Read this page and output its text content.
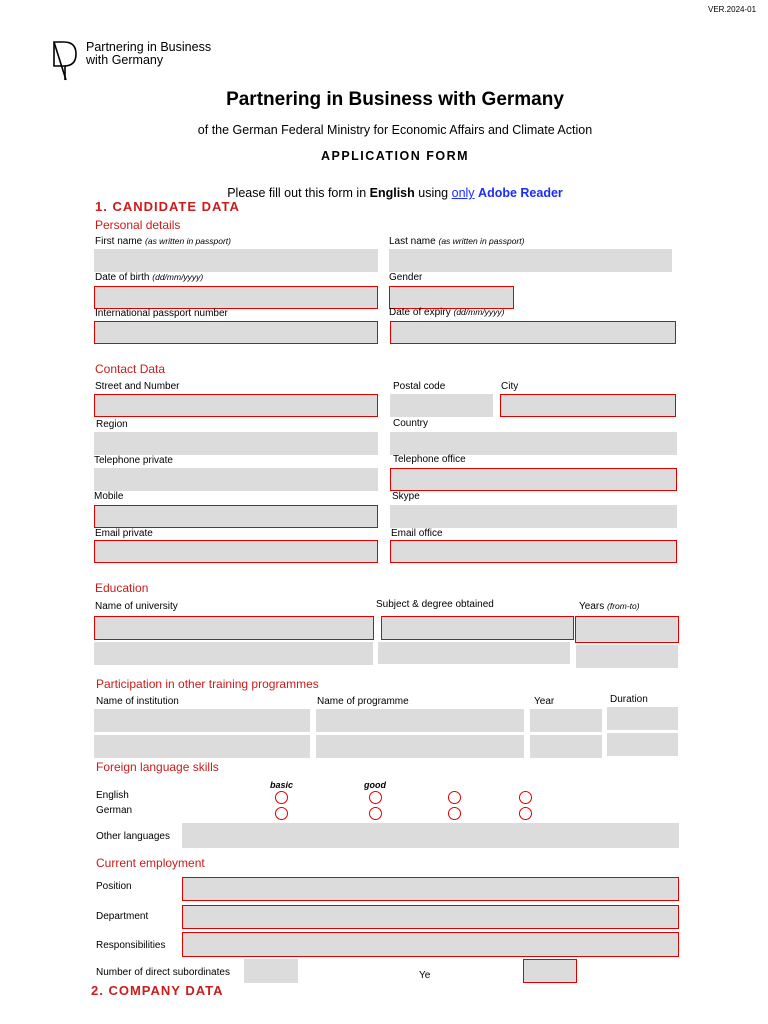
VER.2024-01
Partnering in Business
with Germany
Partnering in Business with Germany
of the German Federal Ministry for Economic Affairs and Climate Action
APPLICATION FORM
Please fill out this form in English using only Adobe Reader
1. CANDIDATE DATA
Personal details
First name (as written in passport)	Last name (as written in passport)
Date of birth (dd/mm/yyyy)	Gender
International passport number	Date of expiry (dd/mm/yyyy)
Contact Data
Street and Number	Postal code	City
Region	Country
Telephone private	Telephone office
Mobile	Skype
Email private	Email office
Education
Name of university	Subject & degree obtained	Years (from-to)
Participation in other training programmes
Name of institution	Name of programme	Year	Duration
Foreign language skills
basic	good
English
German
Other languages
Current employment
Position
Department
Responsibilities
Number of direct subordinates	Ye
2. COMPANY DATA
